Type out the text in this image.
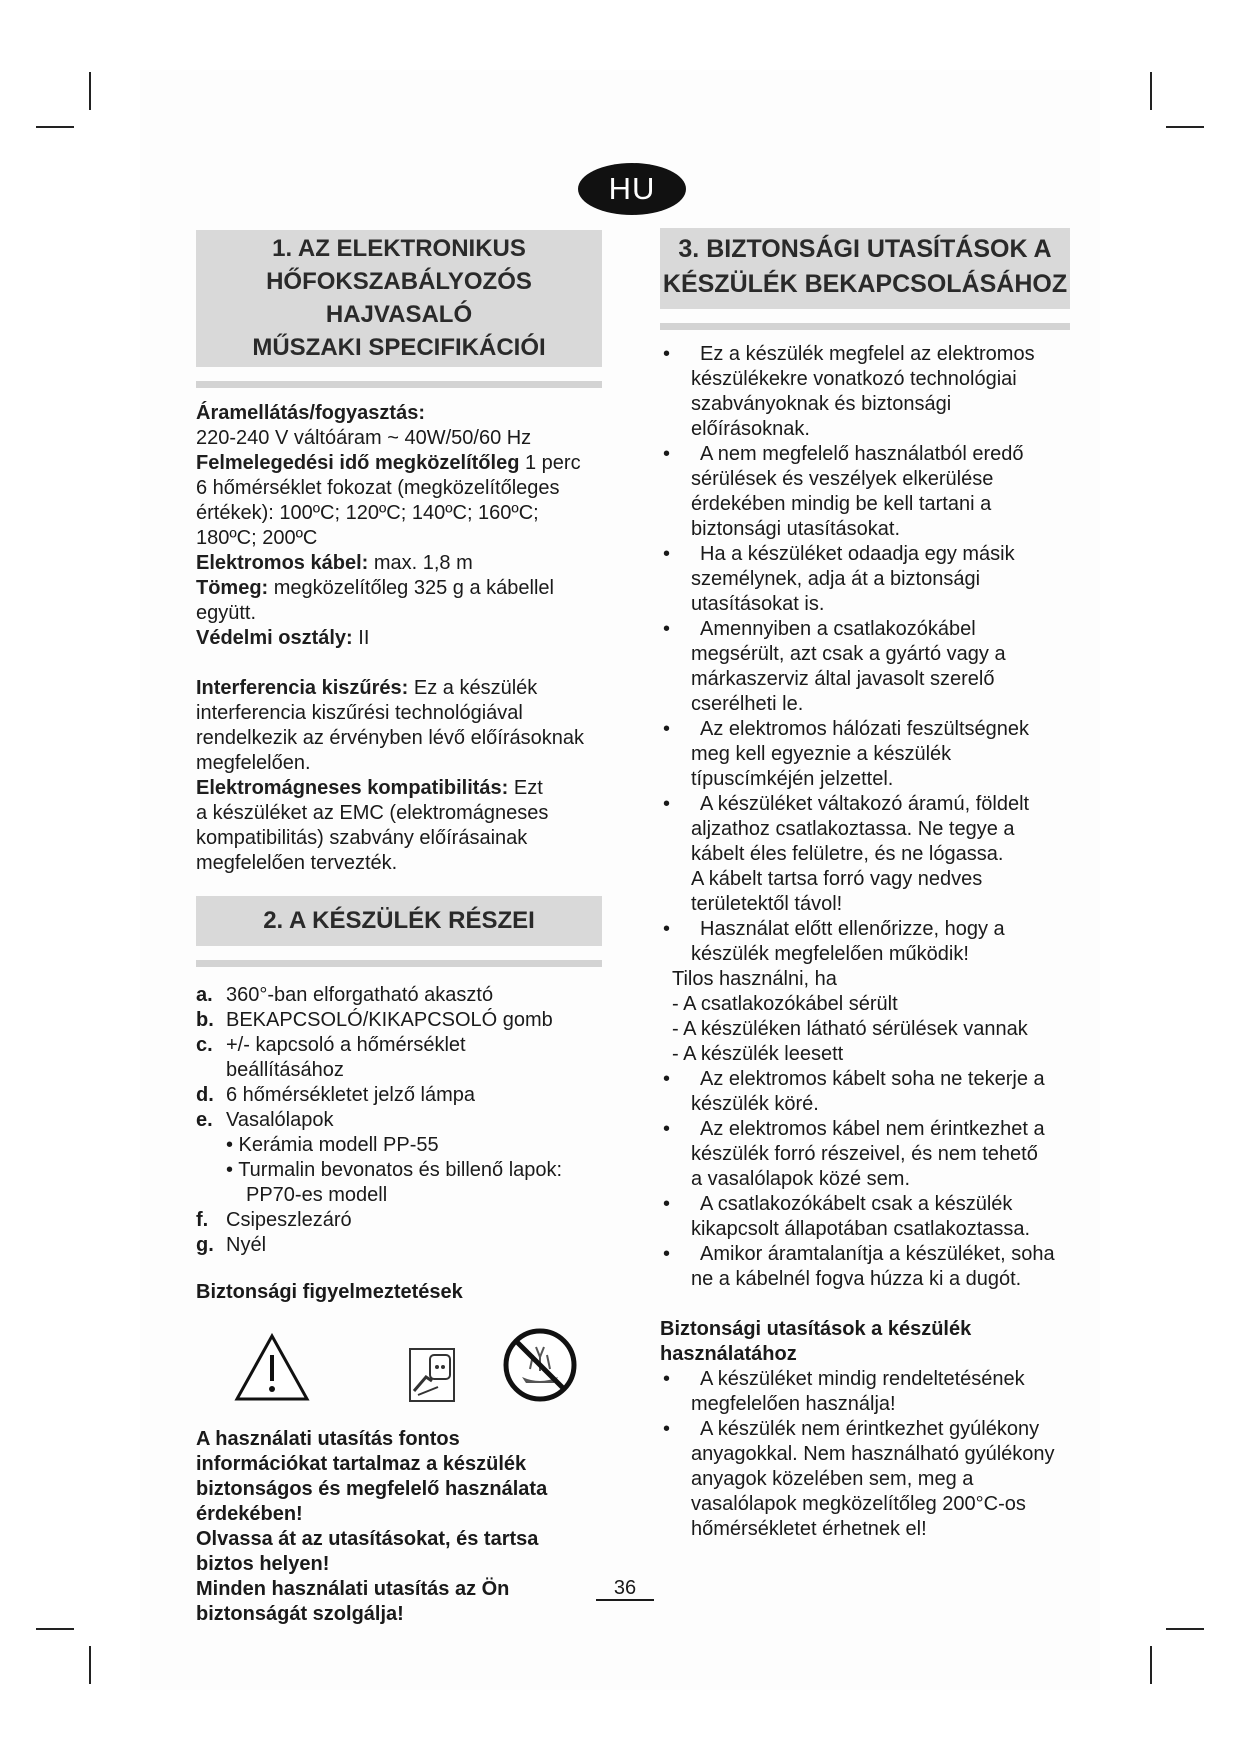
HU
1. AZ ELEKTRONIKUS
HŐFOKSZABÁLYOZÓS HAJVASALÓ
MŰSZAKI SPECIFIKÁCIÓI

Áramellátás/fogyasztás:

220-240 V váltóáram ~ 40W/50/60 Hz

Felmelegedési idő megközelítőleg 1 perc

6 hőmérséklet fokozat (megközelítőleges

értékek): 100ºC; 120ºC; 140ºC; 160ºC;

180ºC; 200ºC

Elektromos kábel: max. 1,8 m

Tömeg: megközelítőleg 325 g a kábellel

együtt.

Védelmi osztály: II

Interferencia kiszűrés: Ez a készülék

interferencia kiszűrési technológiával

rendelkezik az érvényben lévő előírásoknak

megfelelően.

Elektromágneses kompatibilitás: Ezt

a készüléket az EMC (elektromágneses

kompatibilitás) szabvány előírásainak

megfelelően tervezték.

2. A KÉSZÜLÉK RÉSZEI
a. 360°-ban elforgatható akasztó
b. BEKAPCSOLÓ/KIKAPCSOLÓ gomb
c. +/- kapcsoló a hőmérséklet
beállításához
d. 6 hőmérsékletet jelző lámpa
e. Vasalólapok
• Kerámia modell PP-55
• Turmalin bevonatos és billenő lapok:
PP70-es modell
f. Csipeszlezáró
g. Nyél

Biztonsági figyelmeztetések

A használati utasítás fontos

információkat tartalmaz a készülék

biztonságos és megfelelő használata

érdekében!

Olvassa át az utasításokat, és tartsa

biztos helyen!

Minden használati utasítás az Ön

biztonságát szolgálja!

3. BIZTONSÁGI UTASÍTÁSOK A
KÉSZÜLÉK BEKAPCSOLÁSÁHOZ
•	Ez a készülék megfelel az elektromos
készülékekre vonatkozó technológiai
szabványoknak és biztonsági
előírásoknak.
•	A nem megfelelő használatból eredő
sérülések és veszélyek elkerülése
érdekében mindig be kell tartani a
biztonsági utasításokat.
•	Ha a készüléket odaadja egy másik
személynek, adja át a biztonsági
utasításokat is.
•	Amennyiben a csatlakozókábel
megsérült, azt csak a gyártó vagy a
márkaszerviz által javasolt szerelő
cserélheti le.
•	Az elektromos hálózati feszültségnek
meg kell egyeznie a készülék
típuscímkéjén jelzettel.
•	A készüléket váltakozó áramú, földelt
aljzathoz csatlakoztassa. Ne tegye a
kábelt éles felületre, és ne lógassa.
A kábelt tartsa forró vagy nedves
területektől távol!
•	Használat előtt ellenőrizze, hogy a
készülék megfelelően működik!
Tilos használni, ha
- A csatlakozókábel sérült
- A készüléken látható sérülések vannak
- A készülék leesett
•	Az elektromos kábelt soha ne tekerje a
készülék köré.
•	Az elektromos kábel nem érintkezhet a
készülék forró részeivel, és nem tehető
a vasalólapok közé sem.
•	A csatlakozókábelt csak a készülék
kikapcsolt állapotában csatlakoztassa.
•	Amikor áramtalanítja a készüléket, soha
ne a kábelnél fogva húzza ki a dugót.

Biztonsági utasítások a készülék

használatához

•	A készüléket mindig rendeltetésének
megfelelően használja!
•	A készülék nem érintkezhet gyúlékony
anyagokkal. Nem használható gyúlékony
anyagok közelében sem, meg a
vasalólapok megközelítőleg 200°C-os
hőmérsékletet érhetnek el!
36
